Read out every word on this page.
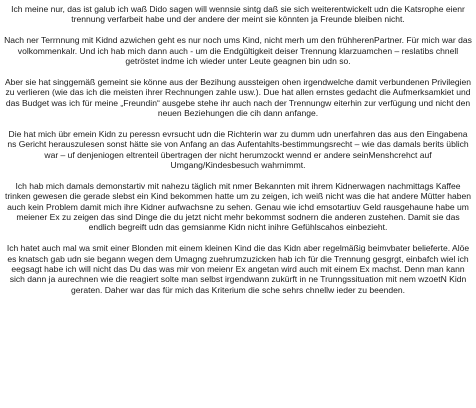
Ich meine nur, das ist galub ich waß Dido sagen will wennsie sintg daß sie sich weiterentwickelt udn die Katsrophe eienr trennung verfarbeit habe und der andere der meint sie könnten ja Freunde bleiben nicht.

Nach ner Terrnnung mit Kidnd azwichen geht es nur noch ums Kind, nicht merh um den frühherenPartner. Für mich war das volkommenkalr. Und ich hab mich dann auch - um die Endgültigkeit deiser Trennung klarzuamchen – reslatibs chnell getröstet indme ich wieder unter Leute geagnen bin udn so.

Aber sie hat singgemäß gemeint sie könne aus der Bezihung aussteigen ohen irgendwelche damit verbundenen Privilegien zu verlieren (wie das ich die meisten ihrer Rechnungen zahle usw.). Due hat allen ernstes gedacht die Aufmerksamkiet und das Budget was ich für meine „Freundin“ ausgebe stehe ihr auch nach der Trennungw eiterhin zur verfügung und nicht den neuen Beziehungen die cih dann anfange.

Die hat mich übr emein Kidn zu peressn evrsucht udn die Richterin war zu dumm udn unerfahren das aus den Eingabena ns Gericht herauszulesen sonst hätte sie von Anfang an das Aufentahlts-bestimmungsrecht – wie das damals berits üblich war – uf denjeniogen eltrenteil übertragen der nicht herumzockt wennd er andere seinMenshcrehct auf Umgang/Kindesbesuch wahrnimmt.

Ich hab mich damals demonstartiv mit nahezu täglich mit nmer Bekannten mit ihrem Kidnerwagen nachmittags Kaffee trinken gewesen die gerade slebst ein Kind bekommen hatte um zu zeigen, ich weiß nicht was die hat andere Mütter haben auch kein Problem damit mich ihre Kidner aufwachsne zu sehen. Genau wie ichd emsotartiuv Geld rausgehaune habe um meiener Ex zu zeigen das sind Dinge die du jetzt nicht mehr bekommst sodnern die anderen zustehen. Damit sie das endlich begreift udn das gemsianme Kidn nicht inihre Gefühlscahos einbezieht.

Ich hatet auch mal wa smit einer Blonden mit einem kleinen Kind die das Kidn aber regelmäßig beimvbater belieferte. Alöe es knatsch gab udn sie begann wegen dem Umagng zuehrumzuzicken hab ich für die Trennung gesgrgt, einbafch wiel ich eegsagt habe ich will nicht das Du das was mir von meienr Ex angetan wird auch mit einem Ex machst. Denn man kann sich dann ja aurechnen wie die reagiert solte man selbst irgendwann zukürft in ne Trunngssituation mit nem wzoetN Kidn geraten. Daher war das für mich das Kriterium die sche sehrs chnellw ieder zu beenden.
